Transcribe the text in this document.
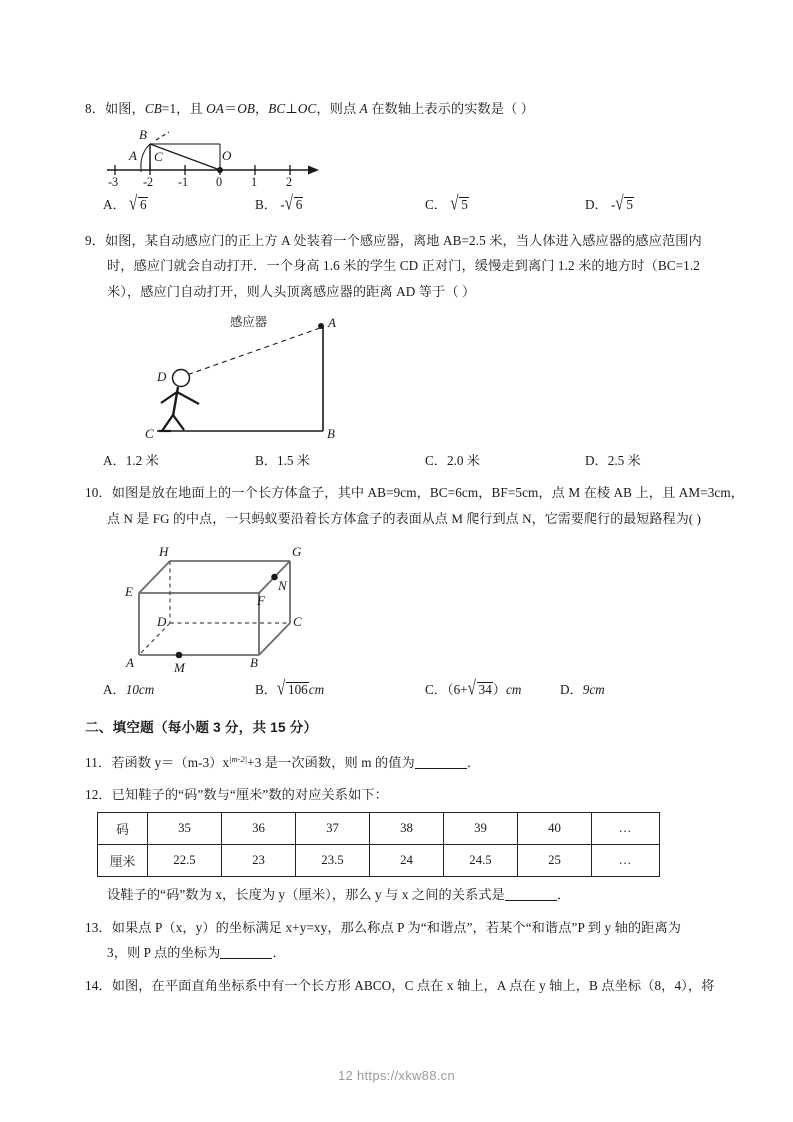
8．如图，CB=1，且 OA＝OB，BC⊥OC，则点 A 在数轴上表示的实数是（ ）
B
A C	O
-3 -2 -1 0 1 2
A． √ 6	B． - √ 6	C． √ 5	D． - √ 5
9．如图，某自动感应门的正上方 A 处装着一个感应器，离地 AB=2.5 米，当人体进入感应器的感应范围内
时，感应门就会自动打开．一个身高 1.6 米的学生 CD 正对门，缓慢走到离门 1.2 米的地方时（BC=1.2
米），感应门自动打开，则人头顶离感应器的距离 AD 等于（ ）
感应器	A
D
C	B
A．1.2 米	B．1.5 米	C．2.0 米	D．2.5 米
10．如图是放在地面上的一个长方体盒子，其中 AB=9cm，BC=6cm，BF=5cm，点 M 在棱 AB 上，且 AM=3cm，
点 N 是 FG 的中点，一只蚂蚁要沿着长方体盒子的表面从点 M 爬行到点 N，它需要爬行的最短路程为( )
H	G
E
F
N
D	C
A	B
M
A．10cm	B． √ 106cm	C．（6+ √ 34）cm	D．9cm
二、填空题（每小题 3 分，共 15 分）
11．若函数 $y=(m‑3)x^{|m-2|}+3$ 是一次函数，则 m 的值为	．
12．已知鞋子的“码”数与“厘米”数的对应关系如下：
码	35	36	37	38	39	40	…
厘米	22.5	23	23.5	24	24.5	25	…
设鞋子的“码”数为 x，长度为 y（厘米），那么 y 与 x 之间的关系式是	．
13．如果点 P（x，y）的坐标满足 x+y=xy，那么称点 P 为“和谐点”，若某个“和谐点”P 到 y 轴的距离为
3，则 P 点的坐标为	．
14．如图，在平面直角坐标系中有一个长方形 ABCO，C 点在 x 轴上，A 点在 y 轴上，B 点坐标（8，4），将
12 https://xkw88.cn
